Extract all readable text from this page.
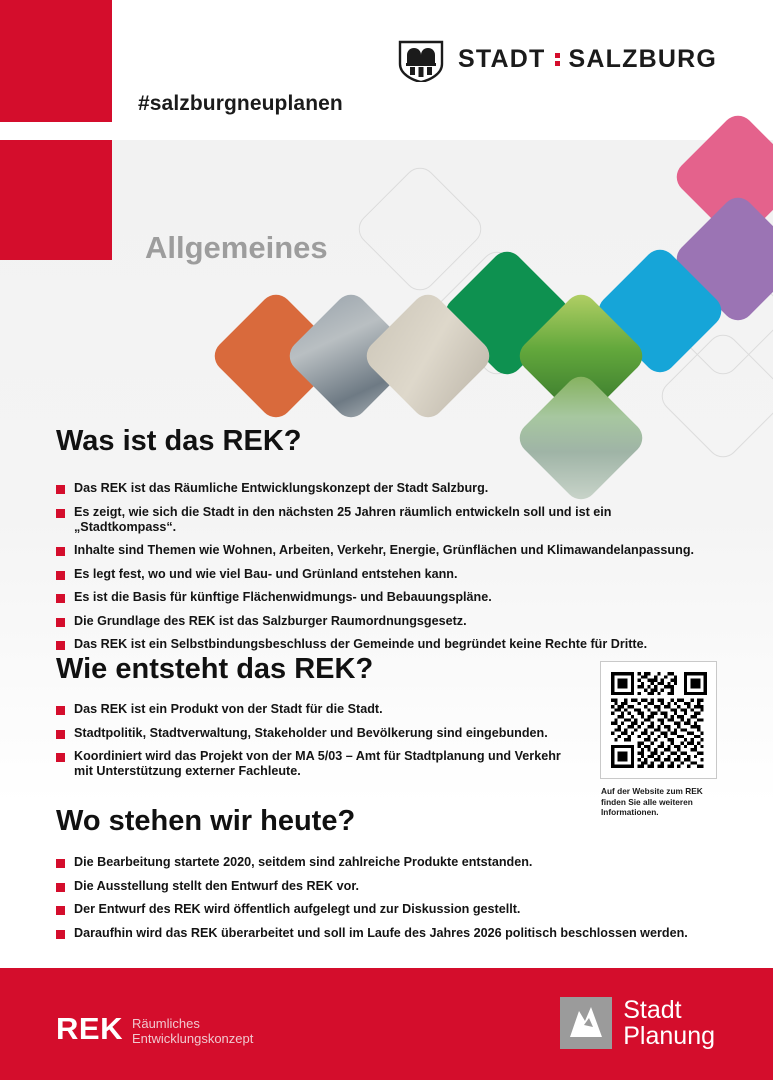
#salzburgneuplanen
STADT SALZBURG
Allgemeines
Was ist das REK?
Das REK ist das Räumliche Entwicklungskonzept der Stadt Salzburg.
Es zeigt, wie sich die Stadt in den nächsten 25 Jahren räumlich entwickeln soll und ist ein „Stadtkompass“.
Inhalte sind Themen wie Wohnen, Arbeiten, Verkehr, Energie, Grünflächen und Klimawandelanpassung.
Es legt fest, wo und wie viel Bau- und Grünland entstehen kann.
Es ist die Basis für künftige Flächenwidmungs- und Bebauungspläne.
Die Grundlage des REK ist das Salzburger Raumordnungsgesetz.
Das REK ist ein Selbstbindungsbeschluss der Gemeinde und begründet keine Rechte für Dritte.
Wie entsteht das REK?
Das REK ist ein Produkt von der Stadt für die Stadt.
Stadtpolitik, Stadtverwaltung, Stakeholder und Bevölkerung sind eingebunden.
Koordiniert wird das Projekt von der MA 5/03 – Amt für Stadtplanung und Verkehr mit Unterstützung externer Fachleute.
Auf der Website zum REK finden Sie alle weiteren Informationen.
Wo stehen wir heute?
Die Bearbeitung startete 2020, seitdem sind zahlreiche Produkte entstanden.
Die Ausstellung stellt den Entwurf des REK vor.
Der Entwurf des REK wird öffentlich aufgelegt und zur Diskussion gestellt.
Daraufhin wird das REK überarbeitet und soll im Laufe des Jahres 2026 politisch beschlossen werden.
REK Räumliches
Entwicklungskonzept
Stadt
Planung
